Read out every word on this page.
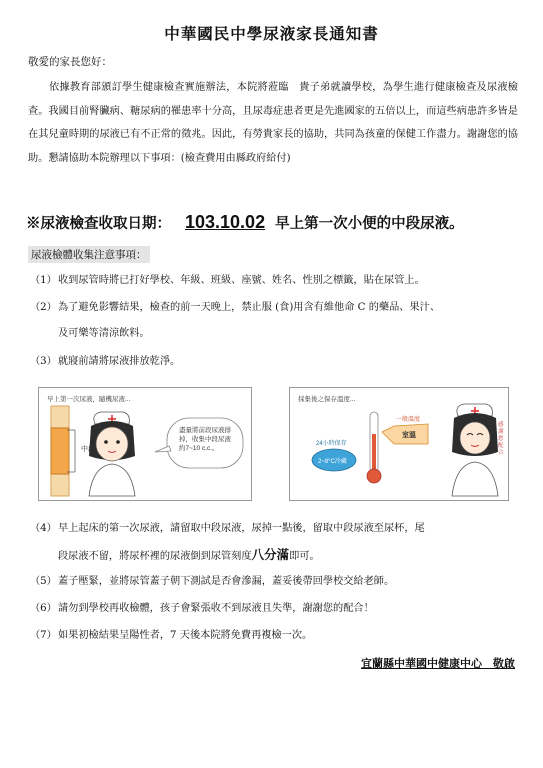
中華國民中學尿液家長通知書
敬愛的家長您好：
依據教育部頒訂學生健康檢查實施辦法，本院將蒞臨　貴子弟就讀學校，為學生進行健康檢查及尿液檢查。我國目前腎臟病、糖尿病的罹患率十分高，且尿毒症患者更是先進國家的五倍以上，而這些病患許多皆是在其兒童時期的尿液已有不正常的徵兆。因此，有勞貴家長的協助，共同為孩童的保健工作盡力。謝謝您的協助。懇請協助本院辦理以下事項：(檢查費用由縣政府給付)
※尿液檢查收取日期： 103.10.02 早上第一次小便的中段尿液。
尿液檢體收集注意事項：
（1）收到尿管時將已打好學校、年級、班級、座號、姓名、性別之標籤，貼在尿管上。
（2）為了避免影響結果，檢查的前一天晚上，禁止服 (食)用含有維他命 C 的藥品、果汁、
及可樂等清涼飲料。
（3）就寢前請將尿液排放乾淨。
早上第一次尿液，隨機尿液...
中段
盡量將前段尿液排掉，收集中段尿液約7~10 c.c.。
採集後之保存溫度...
一般溫度
室溫
24小時保存
2~8°C冷藏
感謝您配合
（4）早上起床的第一次尿液，請留取中段尿液，尿掉一點後，留取中段尿液至尿杯，尾
段尿液不留，將尿杯裡的尿液倒到尿管刻度八分滿即可。
（5）蓋子壓緊，並將尿管蓋子朝下測試是否會滲漏，蓋妥後帶回學校交給老師。
（6）請勿到學校再收檢體，孩子會緊張收不到尿液且失準，謝謝您的配合！
（7）如果初檢結果呈陽性者，7 天後本院將免費再複檢一次。
宜蘭縣中華國中健康中心　敬啟
